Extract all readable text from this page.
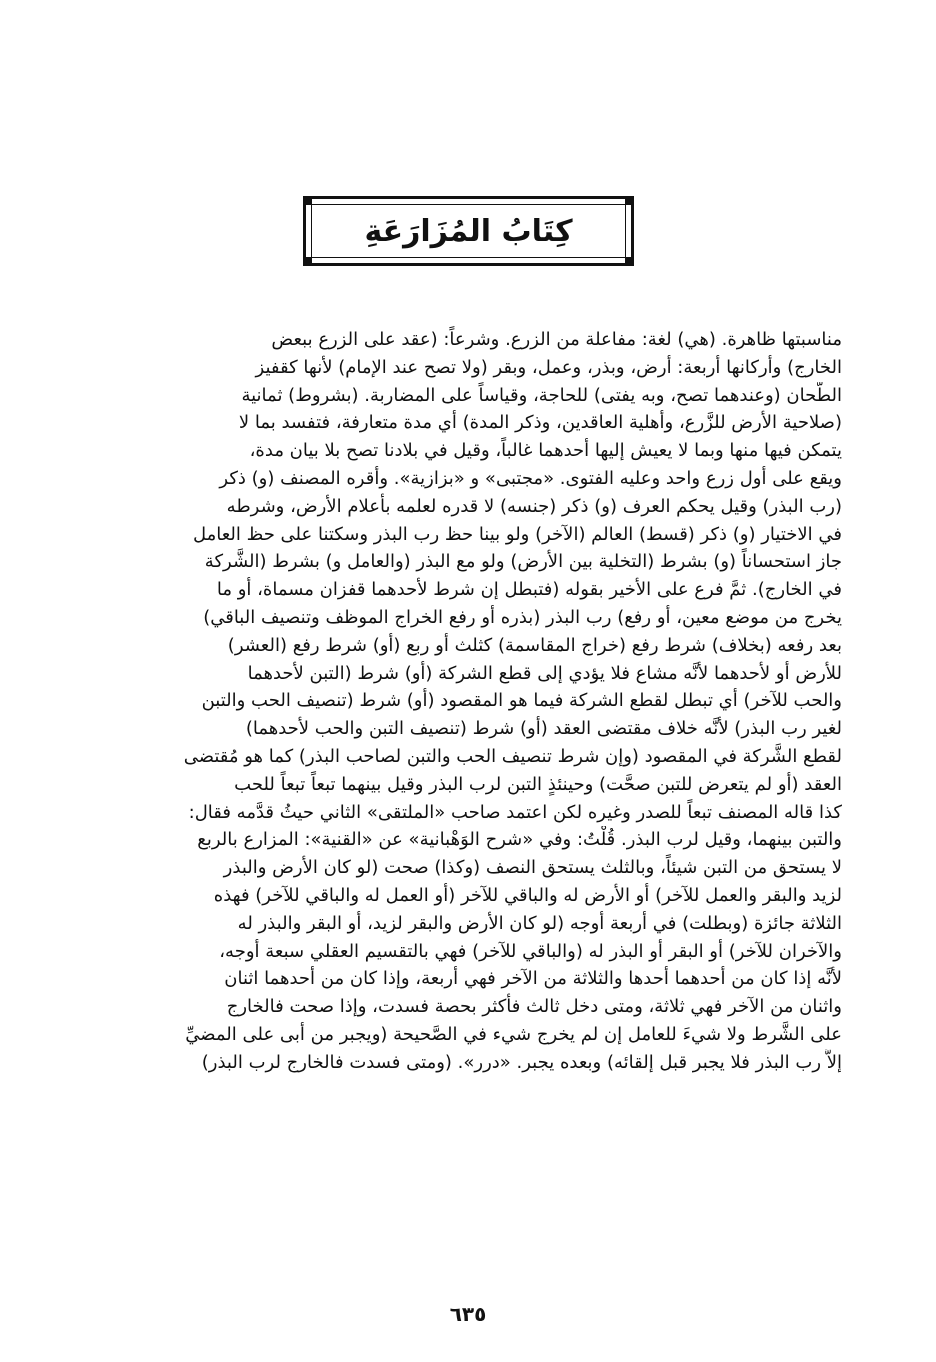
كِتَابُ المُزَارَعَةِ
مناسبتها ظاهرة. (هي) لغة: مفاعلة من الزرع. وشرعاً: (عقد على الزرع ببعض
الخارج) وأركانها أربعة: أرض، وبذر، وعمل، وبقر (ولا تصح عند الإمام) لأنها كقفيز
الطَّحان (وعندهما تصح، وبه يفتى) للحاجة، وقياساً على المضاربة. (بشروط) ثمانية
(صلاحية الأرض للزَّرع، وأهلية العاقدين، وذكر المدة) أي مدة متعارفة، فتفسد بما لا
يتمكن فيها منها وبما لا يعيش إليها أحدهما غالباً، وقيل في بلادنا تصح بلا بيان مدة،
ويقع على أول زرع واحد وعليه الفتوى. «مجتبى» و «بزازية». وأقره المصنف (و) ذكر
(رب البذر) وقيل يحكم العرف (و) ذكر (جنسه) لا قدره لعلمه بأعلام الأرض، وشرطه
في الاختيار (و) ذكر (قسط) العالم (الآخر) ولو بينا حظ رب البذر وسكتنا على حظ العامل
جاز استحساناً (و) بشرط (التخلية بين الأرض) ولو مع البذر (والعامل و) بشرط (الشَّركة
في الخارج). ثمَّ فرع على الأخير بقوله (فتبطل إن شرط لأحدهما قفزان مسماة، أو ما
يخرج من موضع معين، أو رفع) رب البذر (بذره أو رفع الخراج الموظف وتنصيف الباقي)
بعد رفعه (بخلاف) شرط رفع (خراج المقاسمة) كثلث أو ربع (أو) شرط رفع (العشر)
للأرض أو لأحدهما لأنَّه مشاع فلا يؤدي إلى قطع الشركة (أو) شرط (التبن لأحدهما
والحب للآخر) أي تبطل لقطع الشركة فيما هو المقصود (أو) شرط (تنصيف الحب والتبن
لغير رب البذر) لأنَّه خلاف مقتضى العقد (أو) شرط (تنصيف التبن والحب لأحدهما)
لقطع الشَّركة في المقصود (وإن شرط تنصيف الحب والتبن لصاحب البذر) كما هو مُقتضى
العقد (أو لم يتعرض للتبن صحَّت) وحينئذٍ التبن لرب البذر وقيل بينهما تبعاً تبعاً للحب
كذا قاله المصنف تبعاً للصدر وغيره لكن اعتمد صاحب «الملتقى» الثاني حيثُ قدَّمه فقال:
والتبن بينهما، وقيل لرب البذر. قُلْتُ: وفي «شرح الوَهْبانية» عن «القنية»: المزارع بالربع
لا يستحق من التبن شيئاً، وبالثلث يستحق النصف (وكذا) صحت (لو كان الأرض والبذر
لزيد والبقر والعمل للآخر) أو الأرض له والباقي للآخر (أو العمل له والباقي للآخر) فهذه
الثلاثة جائزة (وبطلت) في أربعة أوجه (لو كان الأرض والبقر لزيد، أو البقر والبذر له
والآخران للآخر) أو البقر أو البذر له (والباقي للآخر) فهي بالتقسيم العقلي سبعة أوجه،
لأنَّه إذا كان من أحدهما أحدها والثلاثة من الآخر فهي أربعة، وإذا كان من أحدهما اثنان
واثنان من الآخر فهي ثلاثة، ومتى دخل ثالث فأكثر بحصة فسدت، وإذا صحت فالخارج
على الشَّرط ولا شيءَ للعامل إن لم يخرج شيء في الصَّحيحة (ويجبر من أبى على المضيِّ
إلاَّ رب البذر فلا يجبر قبل إلقائه) وبعده يجبر. «درر». (ومتى فسدت فالخارج لرب البذر)
٦٣٥
